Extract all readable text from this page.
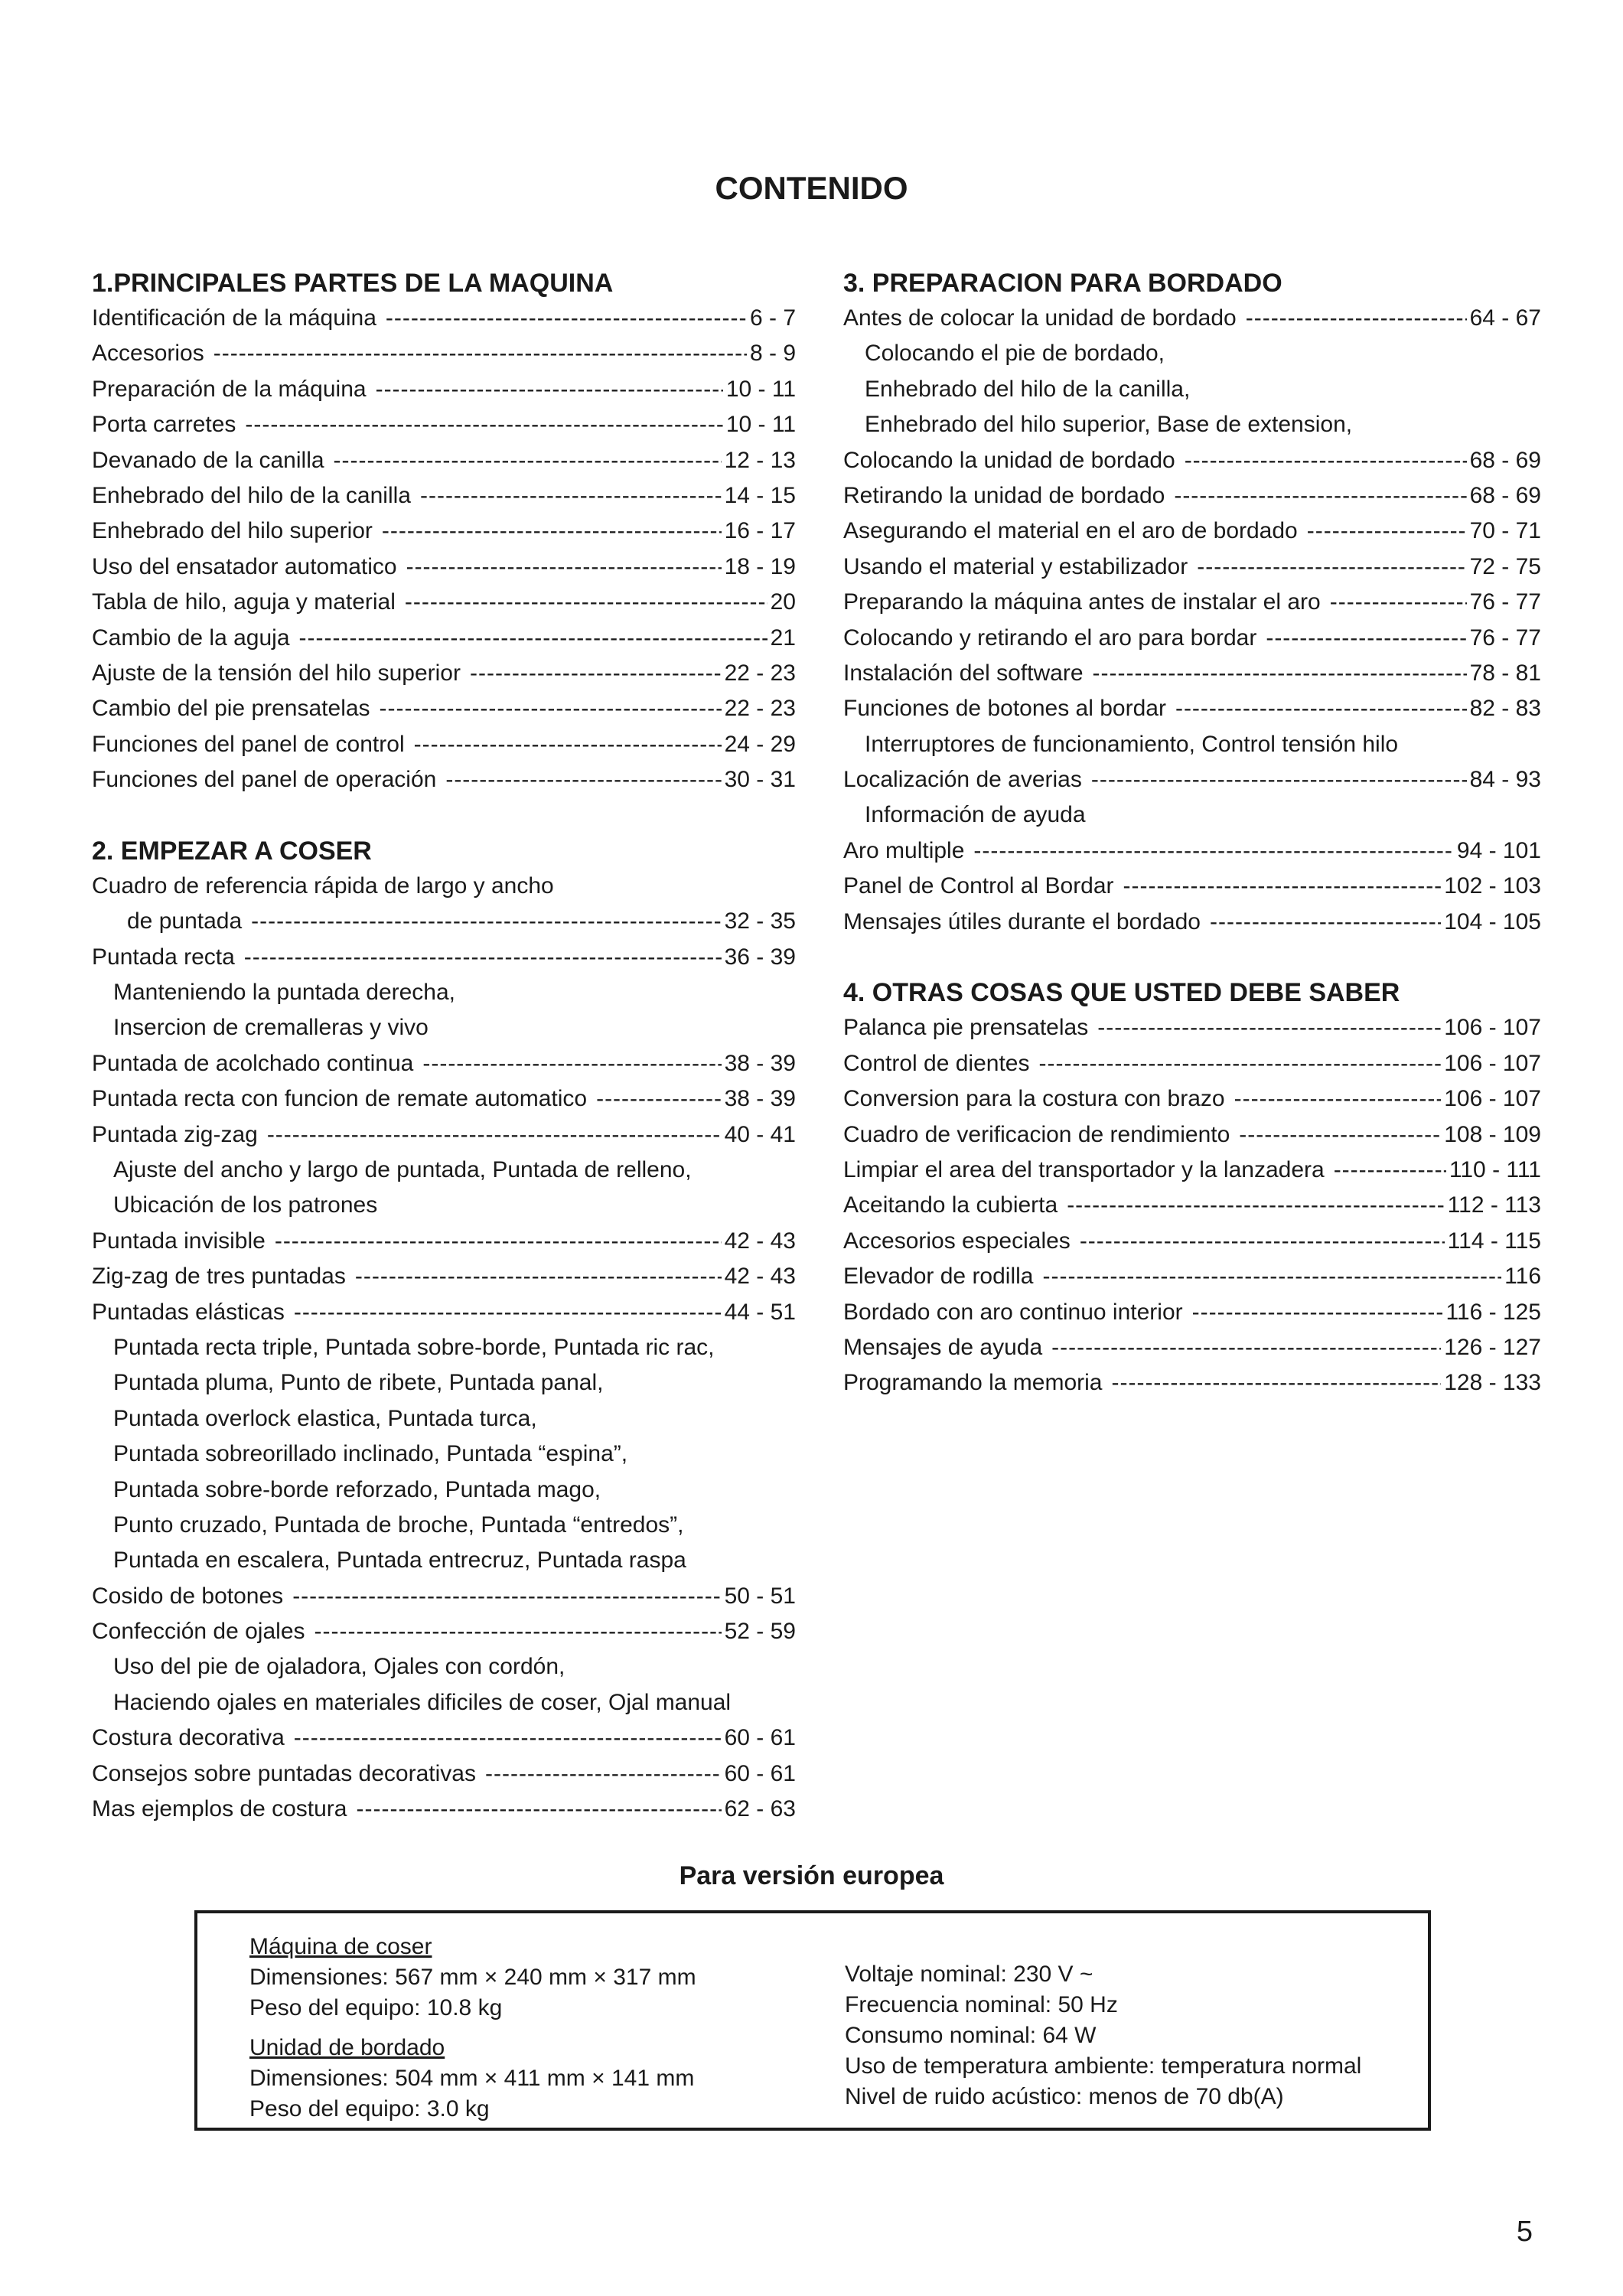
CONTENIDO
1.PRINCIPALES PARTES DE LA MAQUINA
Identificación de la máquina -----	6 - 7
Accesorios -----	8 - 9
Preparación de la máquina -----	10 - 11
Porta carretes -----	10 - 11
Devanado de la canilla -----	12 - 13
Enhebrado del hilo de la canilla -----	14 - 15
Enhebrado del hilo superior -----	16 - 17
Uso del ensatador automatico -----	18 - 19
Tabla de hilo, aguja y material -----	20
Cambio de la aguja -----	21
Ajuste de la tensión del hilo superior -----	22 - 23
Cambio del pie prensatelas -----	22 - 23
Funciones del panel de control -----	24 - 29
Funciones del panel de operación -----	30 - 31
2. EMPEZAR A COSER
Cuadro de referencia rápida de largo y ancho
de puntada -----	32 - 35
Puntada recta -----	36 - 39
Manteniendo la puntada derecha,
Insercion de cremalleras y vivo
Puntada de acolchado continua -----	38 - 39
Puntada recta con funcion de remate automatico -----	38 - 39
Puntada zig-zag -----	40 - 41
Ajuste del ancho y largo de puntada, Puntada de relleno,
Ubicación de los patrones
Puntada invisible -----	42 - 43
Zig-zag de tres puntadas -----	42 - 43
Puntadas elásticas -----	44 - 51
Puntada recta triple, Puntada sobre-borde, Puntada ric rac,
Puntada pluma, Punto de ribete, Puntada panal,
Puntada overlock elastica, Puntada turca,
Puntada sobreorillado inclinado, Puntada “espina”,
Puntada sobre-borde reforzado, Puntada mago,
Punto cruzado, Puntada de broche, Puntada “entredos”,
Puntada en escalera, Puntada entrecruz, Puntada raspa
Cosido de botones -----	50 - 51
Confección de ojales -----	52 - 59
Uso del pie de ojaladora, Ojales con cordón,
Haciendo ojales en materiales dificiles de coser, Ojal manual
Costura decorativa -----	60 - 61
Consejos sobre puntadas decorativas -----	60 - 61
Mas ejemplos de costura -----	62 - 63
3. PREPARACION PARA BORDADO
Antes de colocar la unidad de bordado -----	64 - 67
Colocando el pie de bordado,
Enhebrado del hilo de la canilla,
Enhebrado del hilo superior, Base de extension,
Colocando la unidad de bordado -----	68 - 69
Retirando la unidad de bordado -----	68 - 69
Asegurando el material en el aro de bordado -----	70 - 71
Usando el material y estabilizador -----	72 - 75
Preparando la máquina antes de instalar el aro -----	76 - 77
Colocando y retirando el aro para bordar -----	76 - 77
Instalación del software -----	78 - 81
Funciones de botones al bordar -----	82 - 83
Interruptores de funcionamiento, Control tensión hilo
Localización de averias -----	84 - 93
Información de ayuda
Aro multiple -----	94 - 101
Panel de Control al Bordar -----	102 - 103
Mensajes útiles durante el bordado -----	104 - 105
4. OTRAS COSAS QUE USTED DEBE SABER
Palanca pie prensatelas -----	106 - 107
Control de dientes -----	106 - 107
Conversion para la costura con brazo -----	106 - 107
Cuadro de verificacion de rendimiento -----	108 - 109
Limpiar el area del transportador y la lanzadera -----	110 - 111
Aceitando la cubierta -----	112 - 113
Accesorios especiales -----	114 - 115
Elevador de rodilla -----	116
Bordado con aro continuo interior -----	116 - 125
Mensajes de ayuda -----	126 - 127
Programando la memoria -----	128 - 133
Para versión europea
Máquina de coser
Dimensiones: 567 mm × 240 mm × 317 mm
Peso del equipo: 10.8 kg
Unidad de bordado
Dimensiones: 504 mm × 411 mm × 141 mm
Peso del equipo: 3.0 kg
Voltaje nominal: 230 V ~
Frecuencia nominal: 50 Hz
Consumo nominal: 64 W
Uso de temperatura ambiente: temperatura normal
Nivel de ruido acústico: menos de 70 db(A)
5
